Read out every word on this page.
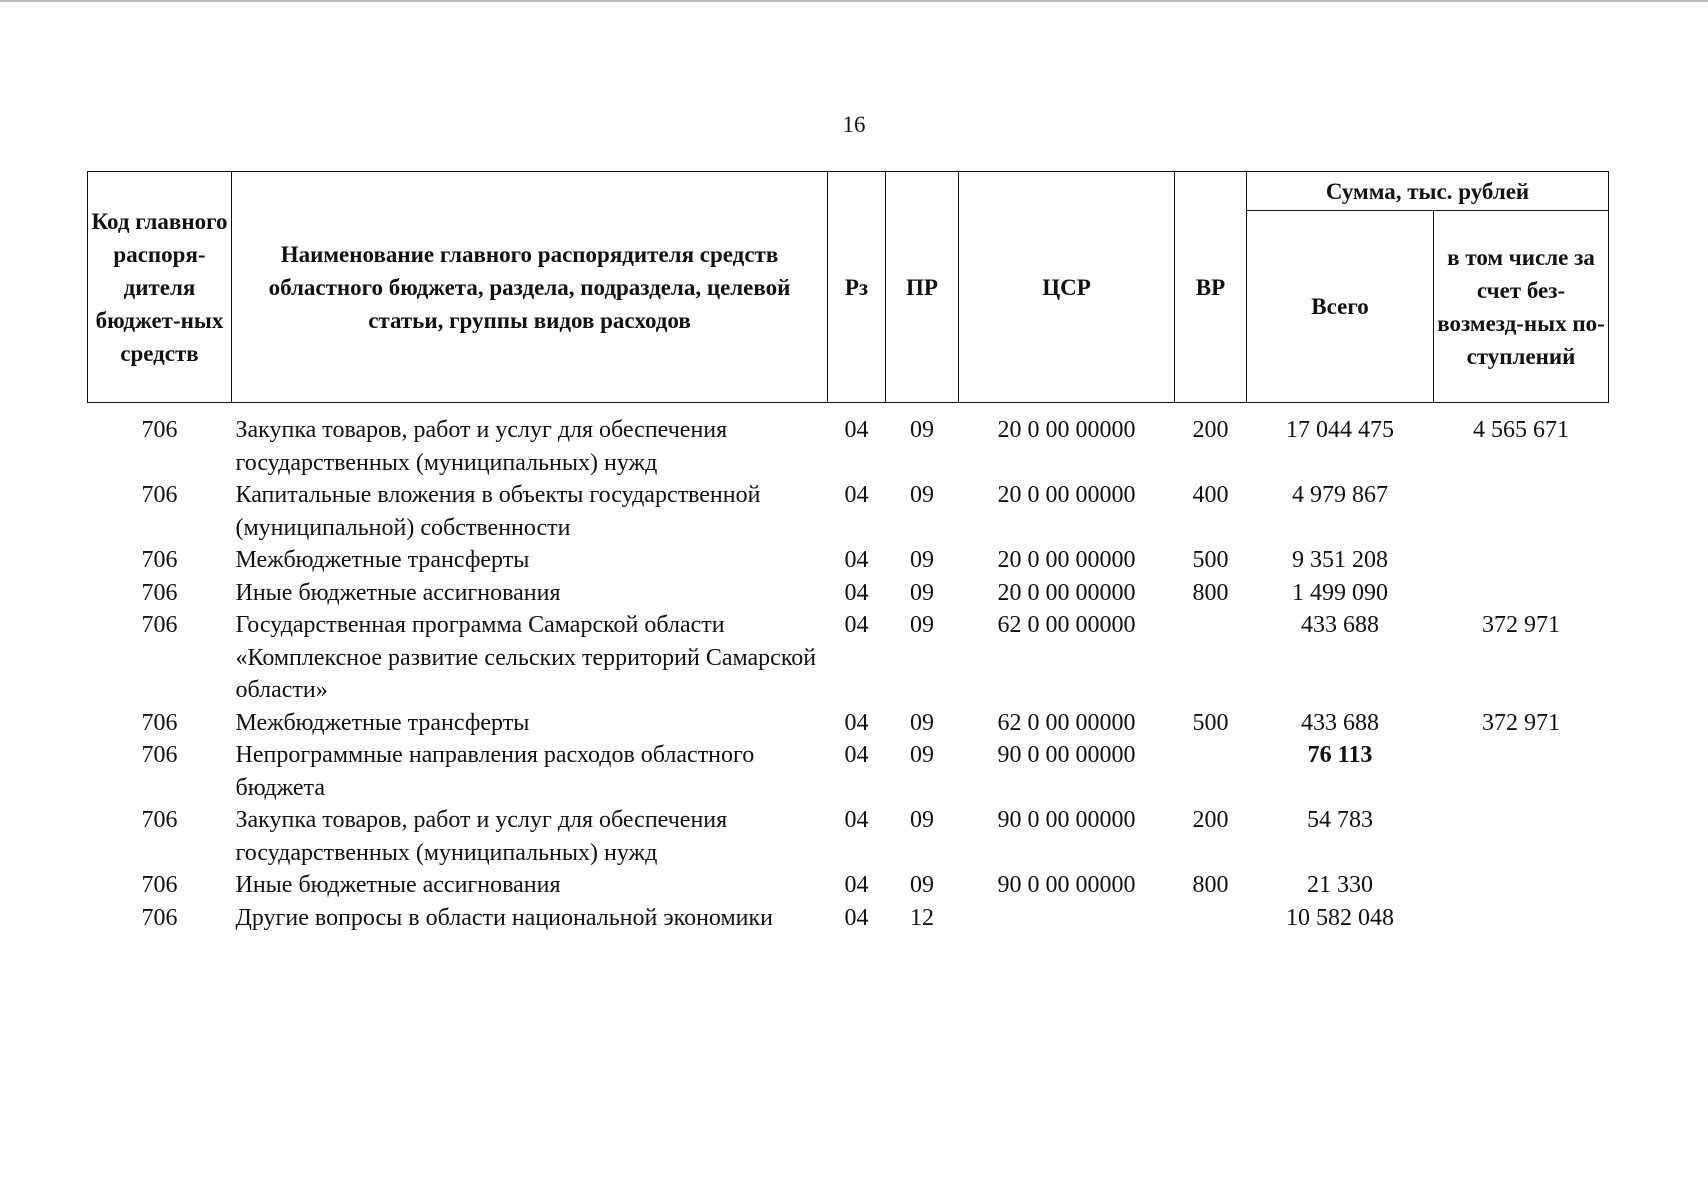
16
Код главного распоря-дителя бюджет-ных средств	Наименование главного распорядителя средств областного бюджета, раздела, подраздела, целевой статьи, группы видов расходов	Рз	ПР	ЦСР	ВР	Сумма, тыс. рублей	
						Всего	в том числе за счет без-возмезд-ных по-ступлений
706	Закупка товаров, работ и услуг для обеспечения государственных (муниципальных) нужд	04	09	20 0 00 00000	200	17 044 475	4 565 671
706	Капитальные вложения в объекты государственной (муниципальной) собственности	04	09	20 0 00 00000	400	4 979 867	
706	Межбюджетные трансферты	04	09	20 0 00 00000	500	9 351 208	
706	Иные бюджетные ассигнования	04	09	20 0 00 00000	800	1 499 090	
706	Государственная программа Самарской области «Комплексное развитие сельских территорий Самарской области»	04	09	62 0 00 00000		433 688	372 971
706	Межбюджетные трансферты	04	09	62 0 00 00000	500	433 688	372 971
706	Непрограммные направления расходов областного бюджета	04	09	90 0 00 00000		76 113	
706	Закупка товаров, работ и услуг для обеспечения государственных (муниципальных) нужд	04	09	90 0 00 00000	200	54 783	
706	Иные бюджетные ассигнования	04	09	90 0 00 00000	800	21 330	
706	Другие вопросы в области национальной экономики	04	12			10 582 048	
